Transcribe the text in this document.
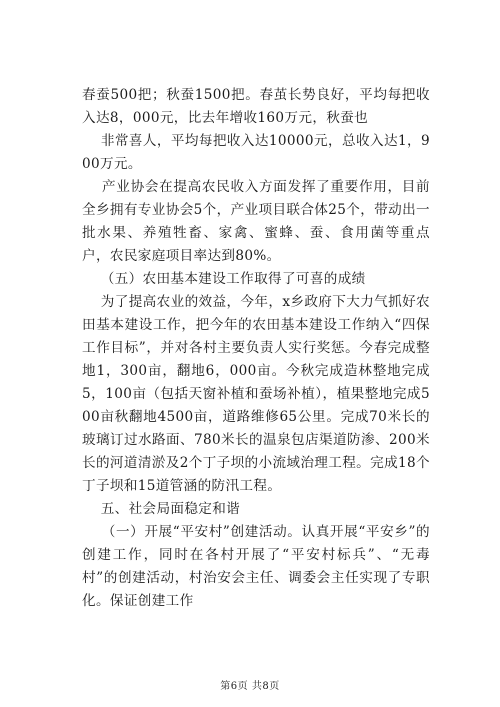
春蚕500把；秋蚕1500把。春茧长势良好，平均每把收入达8，000元，比去年增收160万元，秋蚕也

非常喜人，平均每把收入达10000元，总收入达1，900万元。

产业协会在提高农民收入方面发挥了重要作用，目前全乡拥有专业协会5个，产业项目联合体25个，带动出一批水果、养殖牲畜、家禽、蜜蜂、蚕、食用菌等重点户，农民家庭项目率达到80%。

（五）农田基本建设工作取得了可喜的成绩

为了提高农业的效益，今年，x乡政府下大力气抓好农田基本建设工作，把今年的农田基本建设工作纳入“四保工作目标”，并对各村主要负责人实行奖惩。今春完成整地1，300亩，翻地6，000亩。今秋完成造林整地完成5，100亩（包括天窗补植和蚕场补植），植果整地完成500亩秋翻地4500亩，道路维修65公里。完成70米长的玻璃订过水路面、780米长的温泉包店渠道防渗、200米长的河道清淤及2个丁子坝的小流域治理工程。完成18个丁子坝和15道管涵的防汛工程。

五、社会局面稳定和谐

（一）开展“平安村”创建活动。认真开展“平安乡”的创建工作，同时在各村开展了“平安村标兵”、“无毒村”的创建活动，村治安会主任、调委会主任实现了专职化。保证创建工作

第6页 共8页
